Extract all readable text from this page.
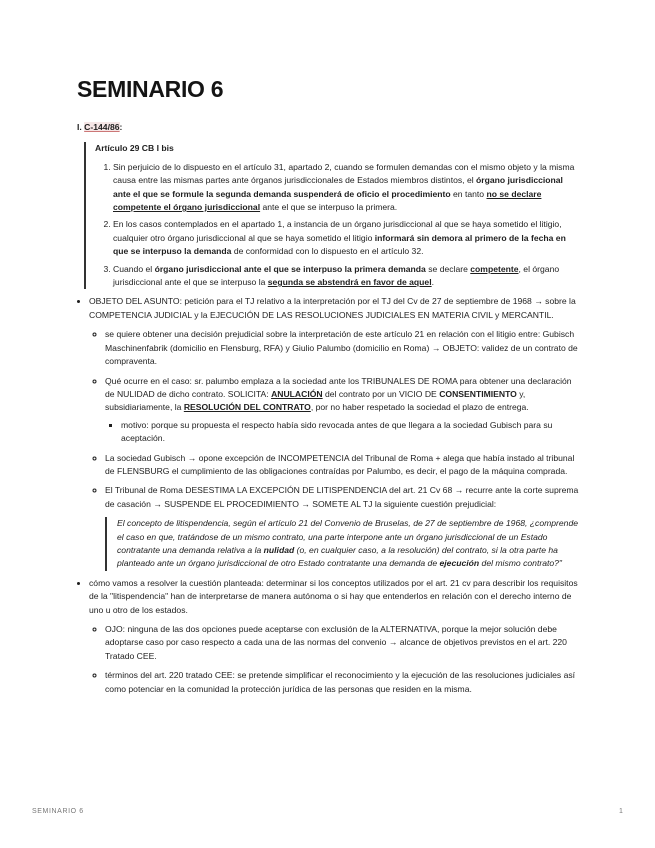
SEMINARIO 6
I. C-144/86:
Artículo 29 CB I bis
1. Sin perjuicio de lo dispuesto en el artículo 31, apartado 2, cuando se formulen demandas con el mismo objeto y la misma causa entre las mismas partes ante órganos jurisdiccionales de Estados miembros distintos, el órgano jurisdiccional ante el que se formule la segunda demanda suspenderá de oficio el procedimiento en tanto no se declare competente el órgano jurisdiccional ante el que se interpuso la primera.
2. En los casos contemplados en el apartado 1, a instancia de un órgano jurisdiccional al que se haya sometido el litigio, cualquier otro órgano jurisdiccional al que se haya sometido el litigio informará sin demora al primero de la fecha en que se interpuso la demanda de conformidad con lo dispuesto en el artículo 32.
3. Cuando el órgano jurisdiccional ante el que se interpuso la primera demanda se declare competente, el órgano jurisdiccional ante el que se interpuso la segunda se abstendrá en favor de aquel.
• OBJETO DEL ASUNTO: petición para el TJ relativo a la interpretación por el TJ del Cv de 27 de septiembre de 1968 → sobre la COMPETENCIA JUDICIAL y la EJECUCIÓN DE LAS RESOLUCIONES JUDICIALES EN MATERIA CIVIL y MERCANTIL.
◦ se quiere obtener una decisión prejudicial sobre la interpretación de este artículo 21 en relación con el litigio entre: Gubisch Maschinenfabrik (domicilio en Flensburg, RFA) y Giulio Palumbo (domicilio en Roma) → OBJETO: validez de un contrato de compraventa.
◦ Qué ocurre en el caso: sr. palumbo emplaza a la sociedad ante los TRIBUNALES DE ROMA para obtener una declaración de NULIDAD de dicho contrato. SOLICITA: ANULACIÓN del contrato por un VICIO DE CONSENTIMIENTO y, subsidiariamente, la RESOLUCIÓN DEL CONTRATO, por no haber respetado la sociedad el plazo de entrega.
▪ motivo: porque su propuesta el respecto había sido revocada antes de que llegara a la sociedad Gubisch para su aceptación.
◦ La sociedad Gubisch → opone excepción de INCOMPETENCIA del Tribunal de Roma + alega que había instado al tribunal de FLENSBURG el cumplimiento de las obligaciones contraídas por Palumbo, es decir, el pago de la máquina comprada.
◦ El Tribunal de Roma DESESTIMA LA EXCEPCIÓN DE LITISPENDENCIA del art. 21 Cv 68 → recurre ante la corte suprema de casación → SUSPENDE EL PROCEDIMIENTO → SOMETE AL TJ la siguiente cuestión prejudicial:
El concepto de litispendencia, según el artículo 21 del Convenio de Bruselas, de 27 de septiembre de 1968, ¿comprende el caso en que, tratándose de un mismo contrato, una parte interpone ante un órgano jurisdiccional de un Estado contratante una demanda relativa a la nulidad (o, en cualquier caso, a la resolución) del contrato, si la otra parte ha planteado ante un órgano jurisdiccional de otro Estado contratante una demanda de ejecución del mismo contrato?"
• cómo vamos a resolver la cuestión planteada: determinar si los conceptos utilizados por el art. 21 cv para describir los requisitos de la "litispendencia" han de interpretarse de manera autónoma o si hay que entenderlos en relación con el derecho interno de uno u otro de los estados.
◦ OJO: ninguna de las dos opciones puede aceptarse con exclusión de la ALTERNATIVA, porque la mejor solución debe adoptarse caso por caso respecto a cada una de las normas del convenio → alcance de objetivos previstos en el art. 220 Tratado CEE.
◦ términos del art. 220 tratado CEE: se pretende simplificar el reconocimiento y la ejecución de las resoluciones judiciales así como potenciar en la comunidad la protección jurídica de las personas que residen en la misma.
SEMINARIO 6	1
